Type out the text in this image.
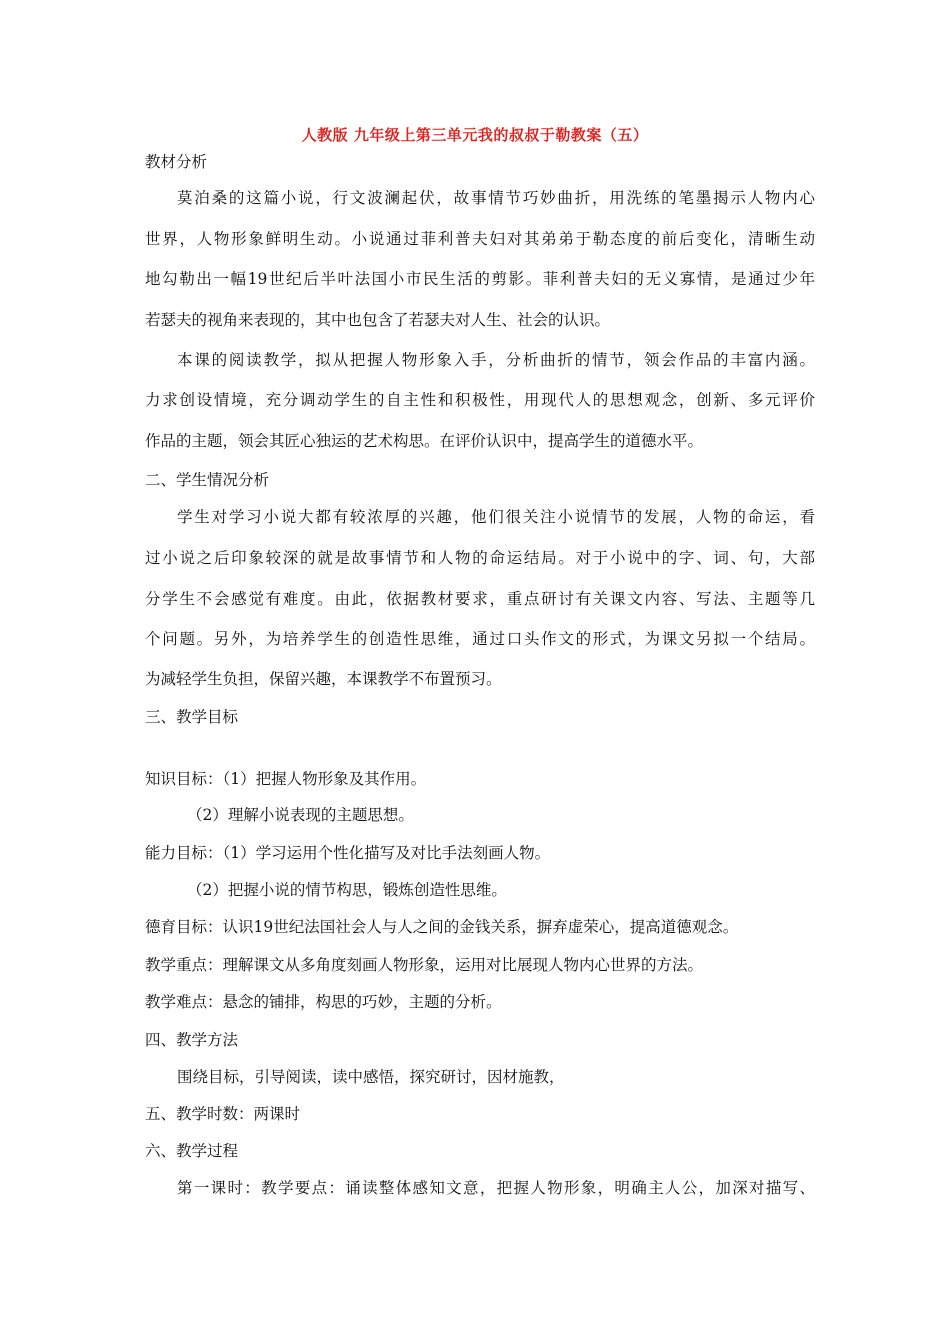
人教版 九年级上第三单元我的叔叔于勒教案（五）
教材分析
莫泊桑的这篇小说，行文波澜起伏，故事情节巧妙曲折，用洗练的笔墨揭示人物内心
世界，人物形象鲜明生动。小说通过菲利普夫妇对其弟弟于勒态度的前后变化，清晰生动
地勾勒出一幅19世纪后半叶法国小市民生活的剪影。菲利普夫妇的无义寡情，是通过少年
若瑟夫的视角来表现的，其中也包含了若瑟夫对人生、社会的认识。
本课的阅读教学，拟从把握人物形象入手，分析曲折的情节，领会作品的丰富内涵。
力求创设情境，充分调动学生的自主性和积极性，用现代人的思想观念，创新、多元评价
作品的主题，领会其匠心独运的艺术构思。在评价认识中，提高学生的道德水平。
二、学生情况分析
学生对学习小说大都有较浓厚的兴趣，他们很关注小说情节的发展，人物的命运，看
过小说之后印象较深的就是故事情节和人物的命运结局。对于小说中的字、词、句，大部
分学生不会感觉有难度。由此，依据教材要求，重点研讨有关课文内容、写法、主题等几
个问题。另外，为培养学生的创造性思维，通过口头作文的形式，为课文另拟一个结局。
为减轻学生负担，保留兴趣，本课教学不布置预习。
三、教学目标
知识目标：（1）把握人物形象及其作用。
（2）理解小说表现的主题思想。
能力目标：（1）学习运用个性化描写及对比手法刻画人物。
（2）把握小说的情节构思，锻炼创造性思维。
德育目标：认识19世纪法国社会人与人之间的金钱关系，摒弃虚荣心，提高道德观念。
教学重点：理解课文从多角度刻画人物形象，运用对比展现人物内心世界的方法。
教学难点：悬念的铺排，构思的巧妙，主题的分析。
四、教学方法
围绕目标，引导阅读，读中感悟，探究研讨，因材施教，
五、教学时数：两课时
六、教学过程
第一课时：教学要点：诵读整体感知文意，把握人物形象，明确主人公，加深对描写、
